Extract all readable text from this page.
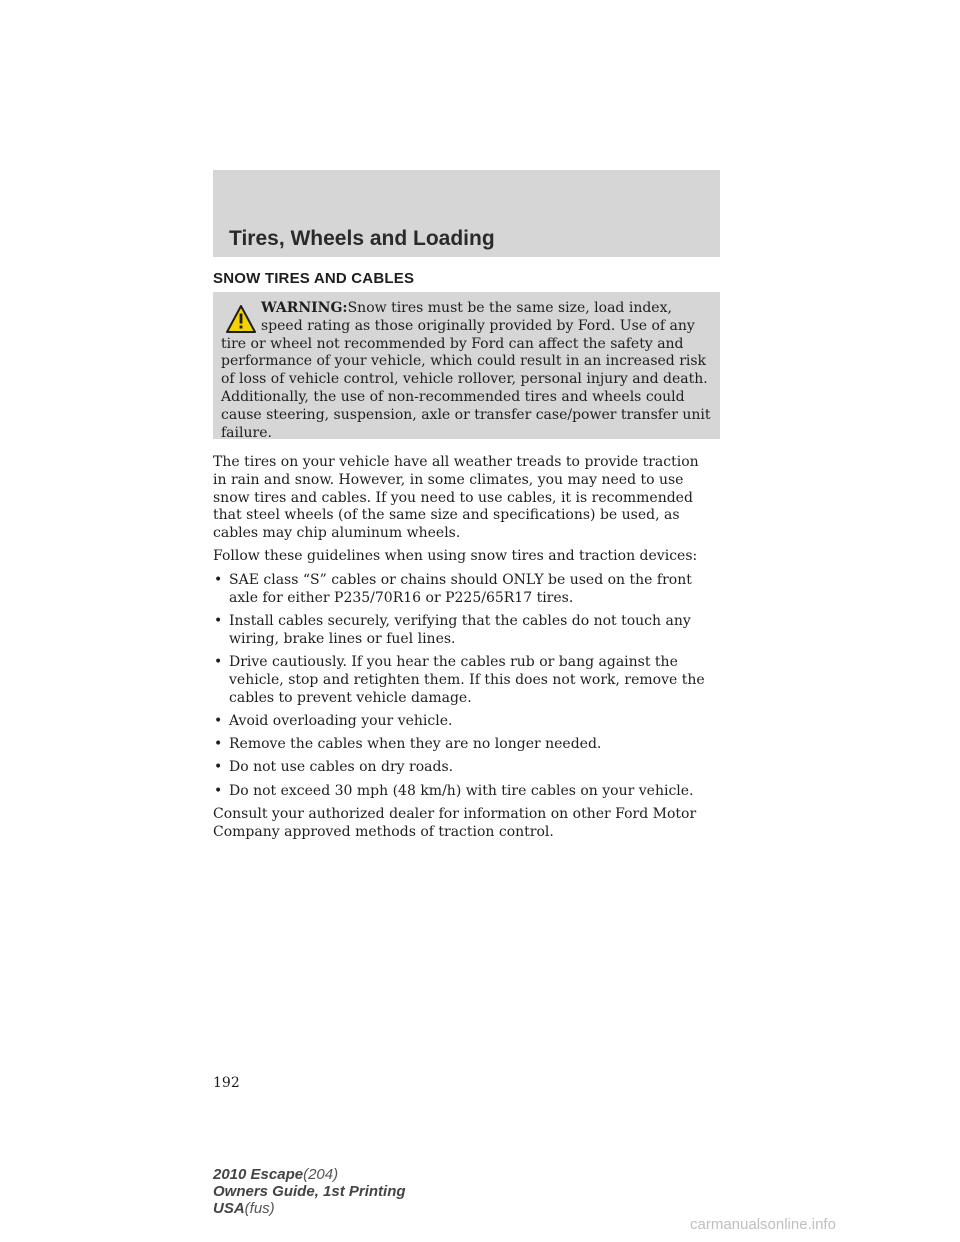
Tires, Wheels and Loading
SNOW TIRES AND CABLES
WARNING:Snow tires must be the same size, load index, speed rating as those originally provided by Ford. Use of any tire or wheel not recommended by Ford can affect the safety and performance of your vehicle, which could result in an increased risk of loss of vehicle control, vehicle rollover, personal injury and death. Additionally, the use of non-recommended tires and wheels could cause steering, suspension, axle or transfer case/power transfer unit failure.

The tires on your vehicle have all weather treads to provide traction in rain and snow. However, in some climates, you may need to use snow tires and cables. If you need to use cables, it is recommended that steel wheels (of the same size and specifications) be used, as cables may chip aluminum wheels.

Follow these guidelines when using snow tires and traction devices:

• SAE class “S” cables or chains should ONLY be used on the front axle for either P235/70R16 or P225/65R17 tires.
• Install cables securely, verifying that the cables do not touch any wiring, brake lines or fuel lines.
• Drive cautiously. If you hear the cables rub or bang against the vehicle, stop and retighten them. If this does not work, remove the cables to prevent vehicle damage.
• Avoid overloading your vehicle.
• Remove the cables when they are no longer needed.
• Do not use cables on dry roads.
• Do not exceed 30 mph (48 km/h) with tire cables on your vehicle.

Consult your authorized dealer for information on other Ford Motor Company approved methods of traction control.

192
2010 Escape(204)
Owners Guide, 1st Printing
USA(fus)
carmanualsonline.info
